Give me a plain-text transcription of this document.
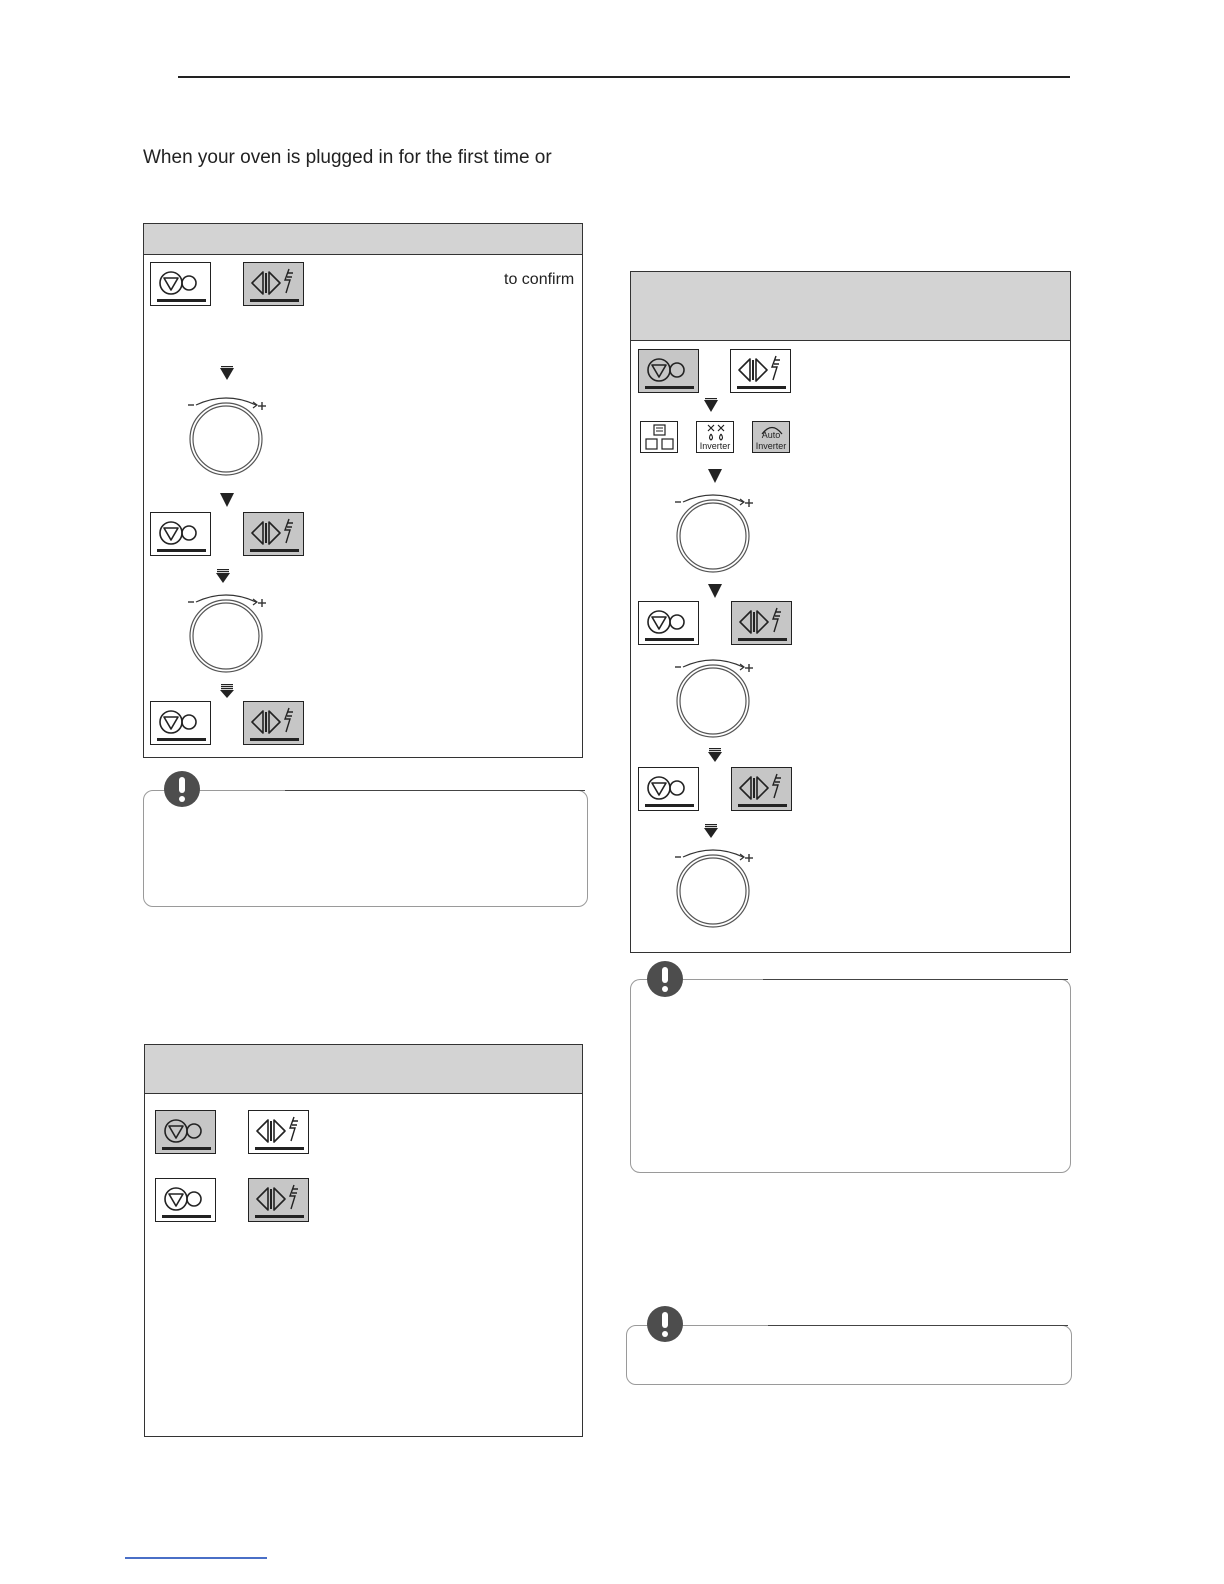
When your oven is plugged in for the first time or
to confirm
Inverter	Inverter
Auto
